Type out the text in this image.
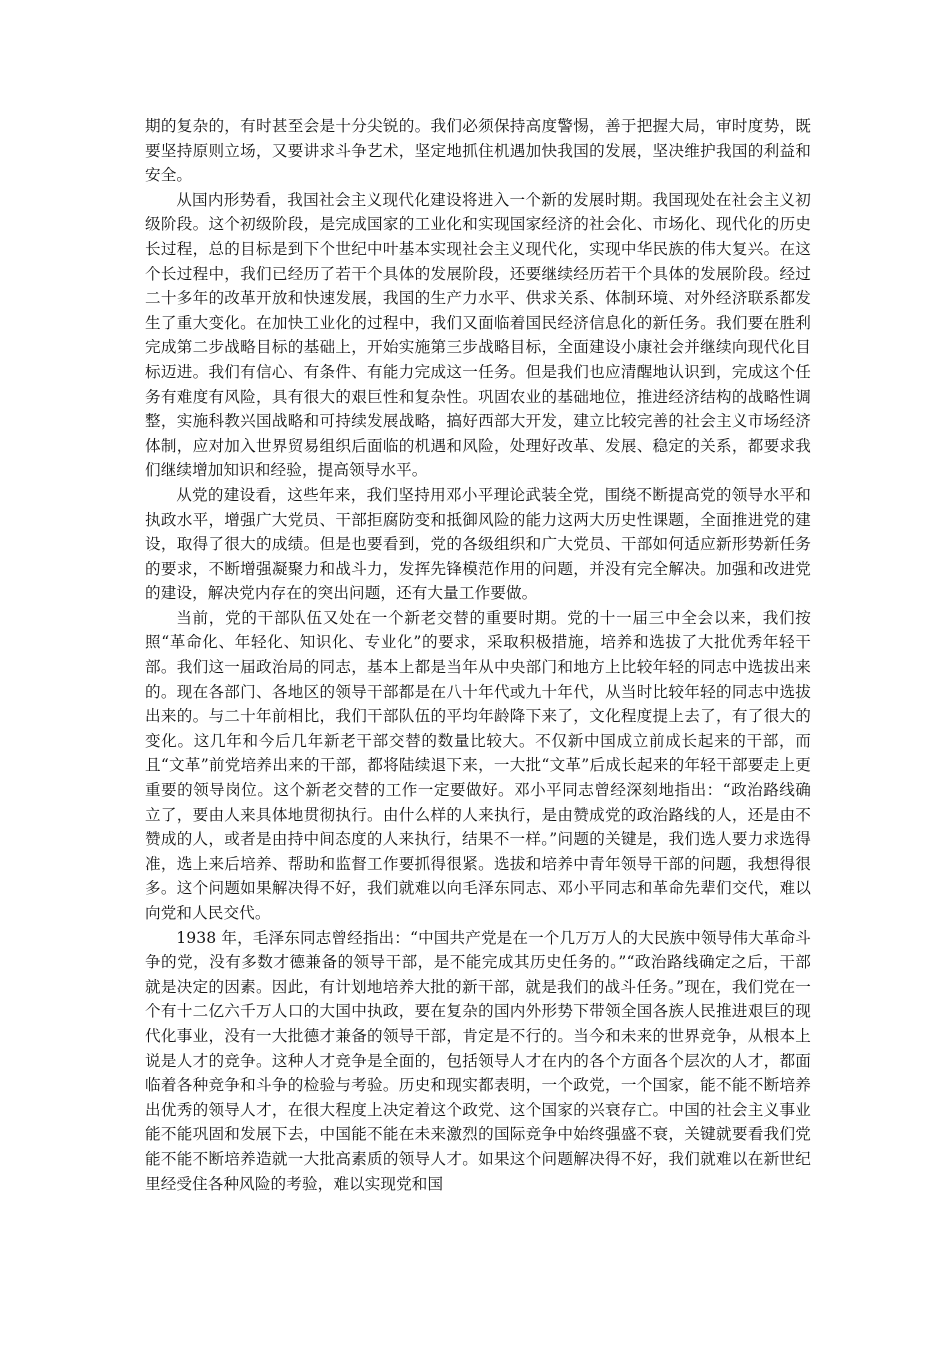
期的复杂的，有时甚至会是十分尖锐的。我们必须保持高度警惕，善于把握大局，审时度势，既要坚持原则立场，又要讲求斗争艺术，坚定地抓住机遇加快我国的发展，坚决维护我国的利益和安全。

从国内形势看，我国社会主义现代化建设将进入一个新的发展时期。我国现处在社会主义初级阶段。这个初级阶段，是完成国家的工业化和实现国家经济的社会化、市场化、现代化的历史长过程，总的目标是到下个世纪中叶基本实现社会主义现代化，实现中华民族的伟大复兴。在这个长过程中，我们已经历了若干个具体的发展阶段，还要继续经历若干个具体的发展阶段。经过二十多年的改革开放和快速发展，我国的生产力水平、供求关系、体制环境、对外经济联系都发生了重大变化。在加快工业化的过程中，我们又面临着国民经济信息化的新任务。我们要在胜利完成第二步战略目标的基础上，开始实施第三步战略目标，全面建设小康社会并继续向现代化目标迈进。我们有信心、有条件、有能力完成这一任务。但是我们也应清醒地认识到，完成这个任务有难度有风险，具有很大的艰巨性和复杂性。巩固农业的基础地位，推进经济结构的战略性调整，实施科教兴国战略和可持续发展战略，搞好西部大开发，建立比较完善的社会主义市场经济体制，应对加入世界贸易组织后面临的机遇和风险，处理好改革、发展、稳定的关系，都要求我们继续增加知识和经验，提高领导水平。

从党的建设看，这些年来，我们坚持用邓小平理论武装全党，围绕不断提高党的领导水平和执政水平，增强广大党员、干部拒腐防变和抵御风险的能力这两大历史性课题，全面推进党的建设，取得了很大的成绩。但是也要看到，党的各级组织和广大党员、干部如何适应新形势新任务的要求，不断增强凝聚力和战斗力，发挥先锋模范作用的问题，并没有完全解决。加强和改进党的建设，解决党内存在的突出问题，还有大量工作要做。

当前，党的干部队伍又处在一个新老交替的重要时期。党的十一届三中全会以来，我们按照“革命化、年轻化、知识化、专业化”的要求，采取积极措施，培养和选拔了大批优秀年轻干部。我们这一届政治局的同志，基本上都是当年从中央部门和地方上比较年轻的同志中选拔出来的。现在各部门、各地区的领导干部都是在八十年代或九十年代，从当时比较年轻的同志中选拔出来的。与二十年前相比，我们干部队伍的平均年龄降下来了，文化程度提上去了，有了很大的变化。这几年和今后几年新老干部交替的数量比较大。不仅新中国成立前成长起来的干部，而且“文革”前党培养出来的干部，都将陆续退下来，一大批“文革”后成长起来的年轻干部要走上更重要的领导岗位。这个新老交替的工作一定要做好。邓小平同志曾经深刻地指出：“政治路线确立了，要由人来具体地贯彻执行。由什么样的人来执行，是由赞成党的政治路线的人，还是由不赞成的人，或者是由持中间态度的人来执行，结果不一样。”问题的关键是，我们选人要力求选得准，选上来后培养、帮助和监督工作要抓得很紧。选拔和培养中青年领导干部的问题，我想得很多。这个问题如果解决得不好，我们就难以向毛泽东同志、邓小平同志和革命先辈们交代，难以向党和人民交代。

1938 年，毛泽东同志曾经指出：“中国共产党是在一个几万万人的大民族中领导伟大革命斗争的党，没有多数才德兼备的领导干部，是不能完成其历史任务的。”“政治路线确定之后，干部就是决定的因素。因此，有计划地培养大批的新干部，就是我们的战斗任务。”现在，我们党在一个有十二亿六千万人口的大国中执政，要在复杂的国内外形势下带领全国各族人民推进艰巨的现代化事业，没有一大批德才兼备的领导干部，肯定是不行的。当今和未来的世界竞争，从根本上说是人才的竞争。这种人才竞争是全面的，包括领导人才在内的各个方面各个层次的人才，都面临着各种竞争和斗争的检验与考验。历史和现实都表明，一个政党，一个国家，能不能不断培养出优秀的领导人才，在很大程度上决定着这个政党、这个国家的兴衰存亡。中国的社会主义事业能不能巩固和发展下去，中国能不能在未来激烈的国际竞争中始终强盛不衰，关键就要看我们党能不能不断培养造就一大批高素质的领导人才。如果这个问题解决得不好，我们就难以在新世纪里经受住各种风险的考验，难以实现党和国
